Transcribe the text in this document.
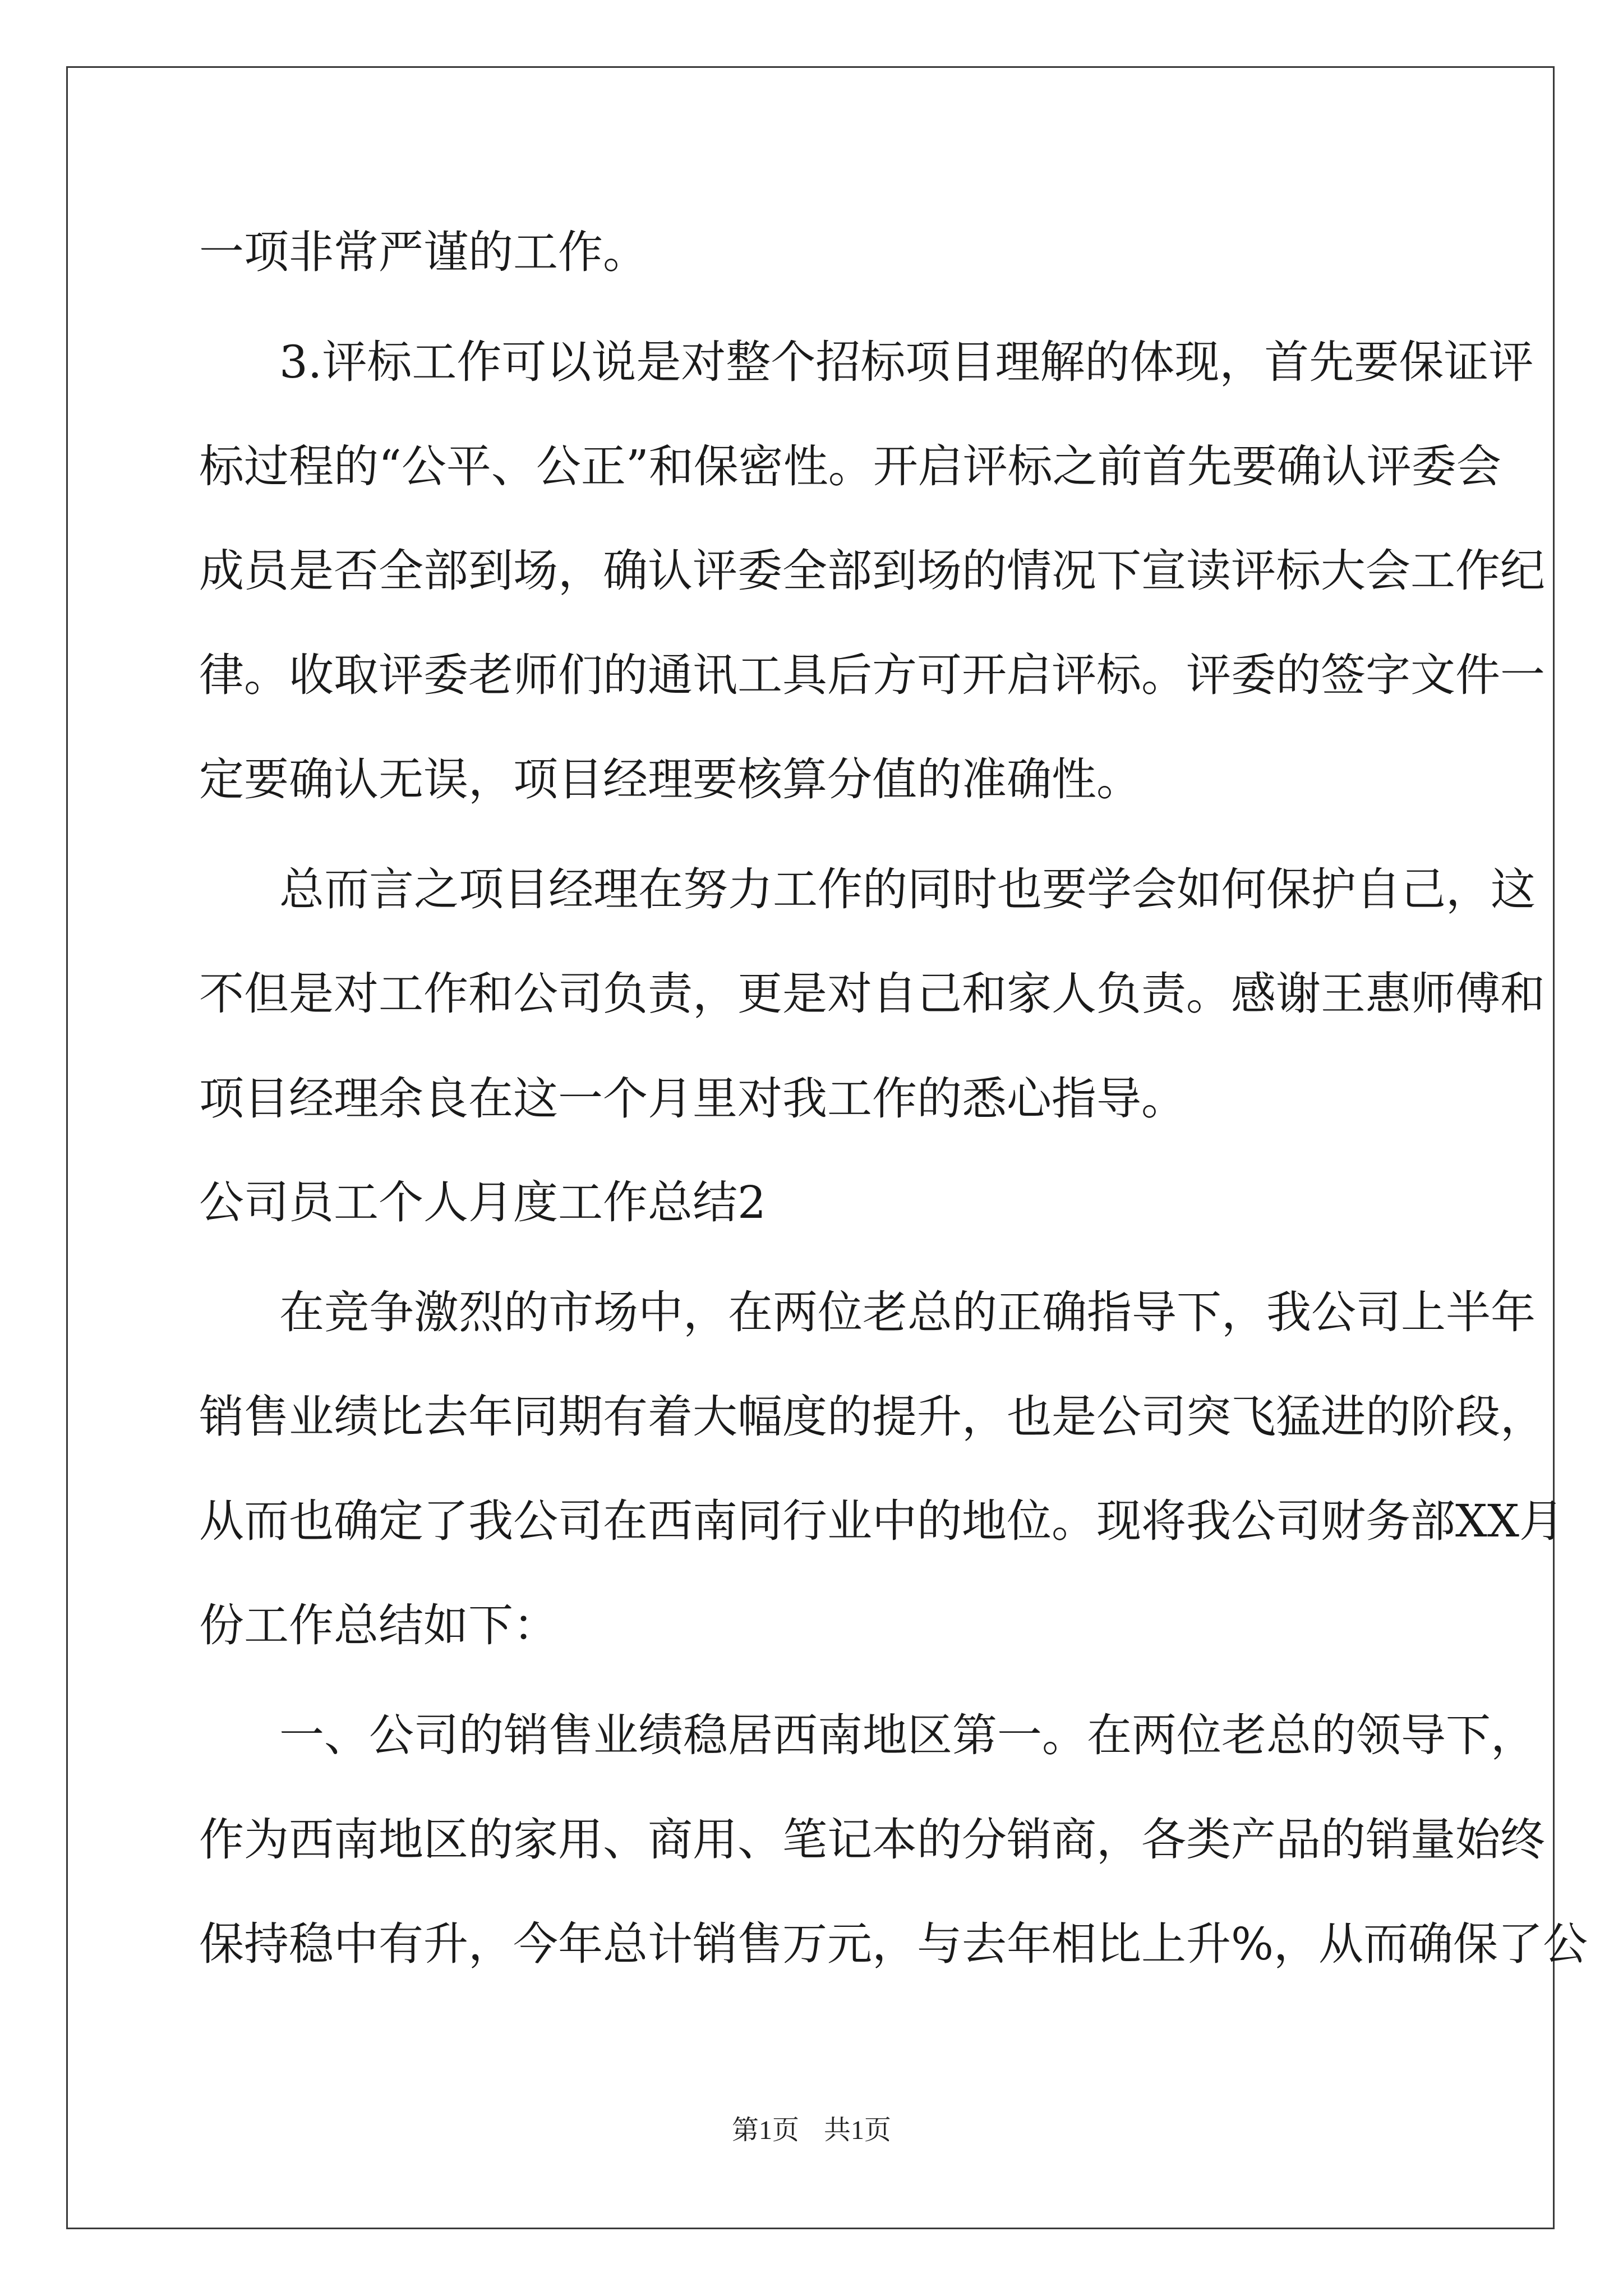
一项非常严谨的工作。
3.评标工作可以说是对整个招标项目理解的体现，首先要保证评
标过程的“公平、公正”和保密性。开启评标之前首先要确认评委会
成员是否全部到场，确认评委全部到场的情况下宣读评标大会工作纪
律。收取评委老师们的通讯工具后方可开启评标。评委的签字文件一
定要确认无误，项目经理要核算分值的准确性。
总而言之项目经理在努力工作的同时也要学会如何保护自己，这
不但是对工作和公司负责，更是对自己和家人负责。感谢王惠师傅和
项目经理余良在这一个月里对我工作的悉心指导。
公司员工个人月度工作总结2
在竞争激烈的市场中，在两位老总的正确指导下，我公司上半年
销售业绩比去年同期有着大幅度的提升，也是公司突飞猛进的阶段，
从而也确定了我公司在西南同行业中的地位。现将我公司财务部XX月
份工作总结如下：
一、公司的销售业绩稳居西南地区第一。在两位老总的领导下，
作为西南地区的家用、商用、笔记本的分销商，各类产品的销量始终
保持稳中有升，今年总计销售万元，与去年相比上升%，从而确保了公
第1页 共1页
